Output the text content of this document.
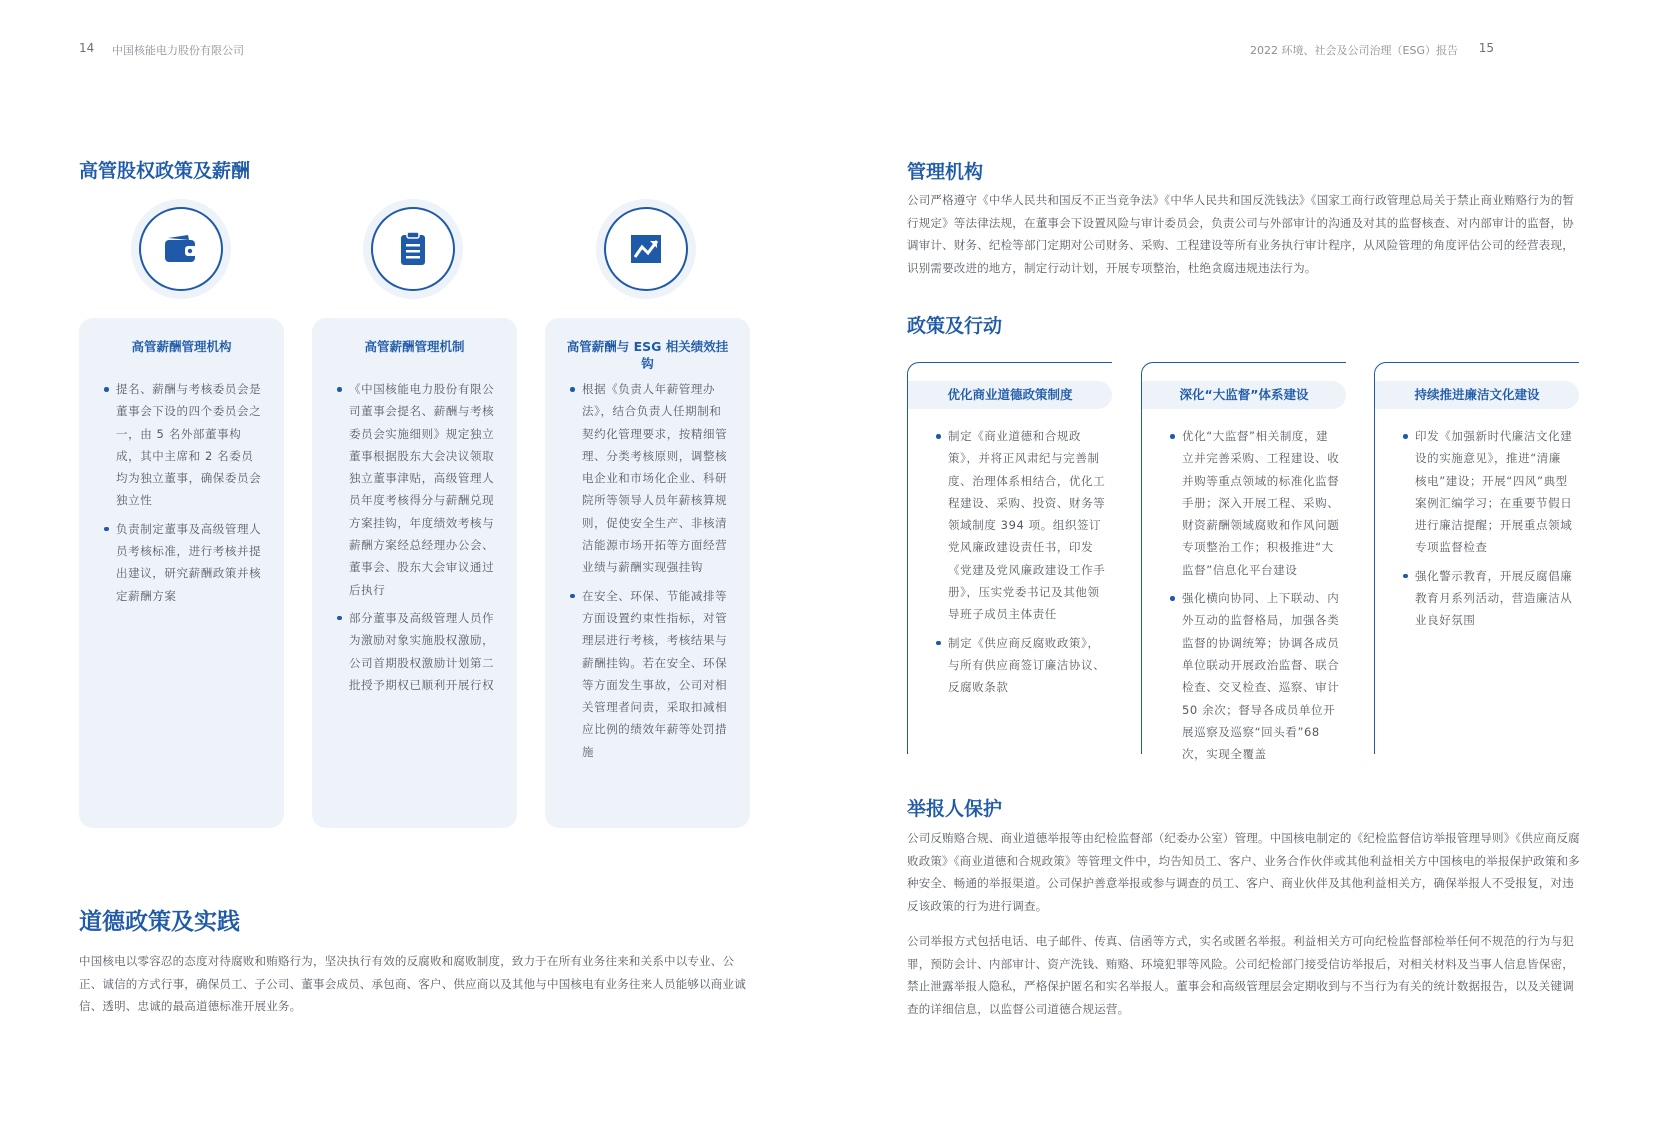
14 中国核能电力股份有限公司	2022 环境、社会及公司治理（ESG）报告 15
高管股权政策及薪酬
高管薪酬管理机构
提名、薪酬与考核委员会是董事会下设的四个委员会之一，由 5 名外部董事构成，其中主席和 2 名委员均为独立董事，确保委员会独立性
负责制定董事及高级管理人员考核标准，进行考核并提出建议，研究薪酬政策并核定薪酬方案
高管薪酬管理机制
《中国核能电力股份有限公司董事会提名、薪酬与考核委员会实施细则》规定独立董事根据股东大会决议领取独立董事津贴，高级管理人员年度考核得分与薪酬兑现方案挂钩，年度绩效考核与薪酬方案经总经理办公会、董事会、股东大会审议通过后执行
部分董事及高级管理人员作为激励对象实施股权激励，公司首期股权激励计划第二批授予期权已顺利开展行权
高管薪酬与 ESG 相关绩效挂钩
根据《负责人年薪管理办法》，结合负责人任期制和契约化管理要求，按精细管理、分类考核原则，调整核电企业和市场化企业、科研院所等领导人员年薪核算规则，促使安全生产、非核清洁能源市场开拓等方面经营业绩与薪酬实现强挂钩
在安全、环保、节能减排等方面设置约束性指标，对管理层进行考核，考核结果与薪酬挂钩。若在安全、环保等方面发生事故，公司对相关管理者问责，采取扣减相应比例的绩效年薪等处罚措施
道德政策及实践
中国核电以零容忍的态度对待腐败和贿赂行为，坚决执行有效的反腐败和腐败制度，致力于在所有业务往来和关系中以专业、公正、诚信的方式行事，确保员工、子公司、董事会成员、承包商、客户、供应商以及其他与中国核电有业务往来人员能够以商业诚信、透明、忠诚的最高道德标准开展业务。
管理机构
公司严格遵守《中华人民共和国反不正当竞争法》《中华人民共和国反洗钱法》《国家工商行政管理总局关于禁止商业贿赂行为的暂行规定》等法律法规，在董事会下设置风险与审计委员会，负责公司与外部审计的沟通及对其的监督核查、对内部审计的监督，协调审计、财务、纪检等部门定期对公司财务、采购、工程建设等所有业务执行审计程序，从风险管理的角度评估公司的经营表现，识别需要改进的地方，制定行动计划，开展专项整治，杜绝贪腐违规违法行为。
政策及行动
优化商业道德政策制度
制定《商业道德和合规政策》，并将正风肃纪与完善制度、治理体系相结合，优化工程建设、采购、投资、财务等领域制度 394 项。组织签订党风廉政建设责任书，印发《党建及党风廉政建设工作手册》，压实党委书记及其他领导班子成员主体责任
制定《供应商反腐败政策》，与所有供应商签订廉洁协议、反腐败条款
深化“大监督”体系建设
优化“大监督”相关制度，建立并完善采购、工程建设、收并购等重点领域的标准化监督手册；深入开展工程、采购、财资薪酬领域腐败和作风问题专项整治工作；积极推进“大监督”信息化平台建设
强化横向协同、上下联动、内外互动的监督格局，加强各类监督的协调统筹；协调各成员单位联动开展政治监督、联合检查、交叉检查、巡察、审计 50 余次；督导各成员单位开展巡察及巡察“回头看”68 次，实现全覆盖
持续推进廉洁文化建设
印发《加强新时代廉洁文化建设的实施意见》，推进“清廉核电”建设；开展“四风”典型案例汇编学习；在重要节假日进行廉洁提醒；开展重点领域专项监督检查
强化警示教育，开展反腐倡廉教育月系列活动，营造廉洁从业良好氛围
举报人保护
公司反贿赂合规、商业道德举报等由纪检监督部（纪委办公室）管理。中国核电制定的《纪检监督信访举报管理导则》《供应商反腐败政策》《商业道德和合规政策》等管理文件中，均告知员工、客户、业务合作伙伴或其他利益相关方中国核电的举报保护政策和多种安全、畅通的举报渠道。公司保护善意举报或参与调查的员工、客户、商业伙伴及其他利益相关方，确保举报人不受报复，对违反该政策的行为进行调查。
公司举报方式包括电话、电子邮件、传真、信函等方式，实名或匿名举报。利益相关方可向纪检监督部检举任何不规范的行为与犯罪，预防会计、内部审计、资产洗钱、贿赂、环境犯罪等风险。公司纪检部门接受信访举报后，对相关材料及当事人信息皆保密，禁止泄露举报人隐私，严格保护匿名和实名举报人。董事会和高级管理层会定期收到与不当行为有关的统计数据报告，以及关键调查的详细信息，以监督公司道德合规运营。
